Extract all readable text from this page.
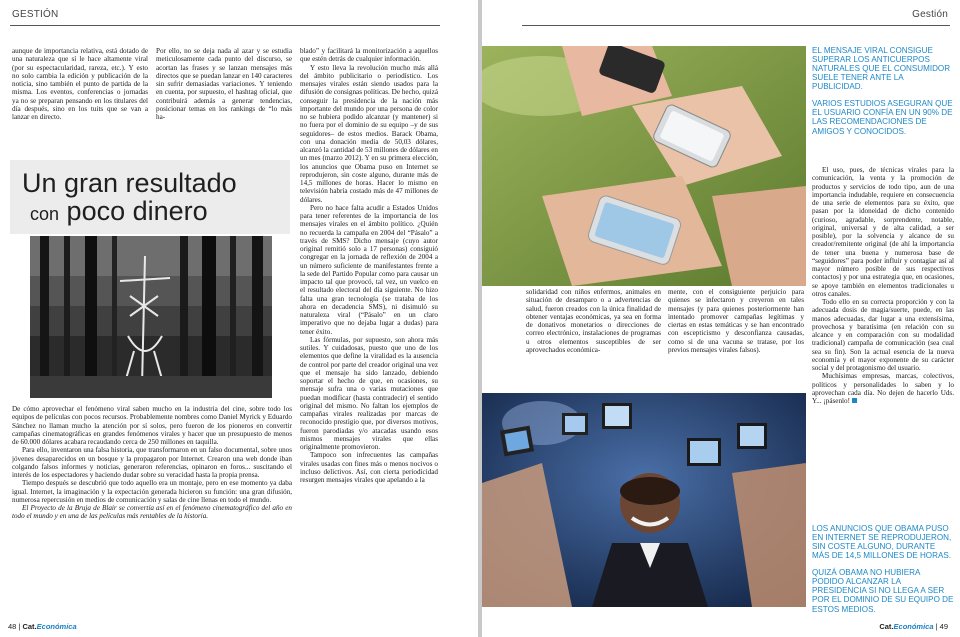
GESTIÓN

aunque de importancia relativa, está dotado de una naturaleza que sí le hace altamente viral (por su espectacularidad, rareza, etc.). Y esto no solo cambia la edición y publicación de la noticia, sino también el punto de partida de la misma. Los eventos, conferencias o jornadas ya no se preparan pensando en los titulares del día después, sino en los tuits que se van a lanzar en directo.

Por ello, no se deja nada al azar y se estudia meticulosamente cada punto del discurso, se acortan las frases y se lanzan mensajes más directos que se puedan lanzar en 140 caracteres sin sufrir demasiadas variaciones. Y teniendo en cuenta, por supuesto, el hashtag oficial, que contribuirá además a generar tendencias, posicionar temas en los rankings de “lo más ha-

blado” y facilitará la monitorización a aquellos que estén detrás de cualquier información.

Y esto lleva la revolución mucho más allá del ámbito publicitario o periodístico. Los mensajes virales están siendo usados para la difusión de consignas políticas. De hecho, quizá conseguir la presidencia de la nación más importante del mundo por una persona de color no se hubiera podido alcanzar (y mantener) si no fuera por el dominio de su equipo –y de sus seguidores– de estos medios. Barack Obama, con una donación media de 50,03 dólares, alcanzó la cantidad de 53 millones de dólares en un mes (marzo 2012). Y en su primera elección, los anuncios que Obama puso en Internet se reprodujeron, sin coste alguno, durante más de 14,5 millones de horas. Hacer lo mismo en televisión habría costado más de 47 millones de dólares.

Pero no hace falta acudir a Estados Unidos para tener referentes de la importancia de los mensajes virales en el ámbito político. ¿Quién no recuerda la campaña en 2004 del “Pásalo” a través de SMS? Dicho mensaje (cuyo autor original remitió solo a 17 personas) consiguió congregar en la jornada de reflexión de 2004 a un número suficiente de manifestantes frente a la sede del Partido Popular como para causar un impacto tal que provocó, tal vez, un vuelco en el resultado electoral del día siguiente. No hizo falta una gran tecnología (se trataba de los ahora en decadencia SMS), ni disimuló su naturaleza viral (“Pásalo” en un claro imperativo que no dejaba lugar a dudas) para tener éxito.

Las fórmulas, por supuesto, son ahora más sutiles. Y cuidadosas, puesto que uno de los elementos que define la viralidad es la ausencia de control por parte del creador original una vez que el mensaje ha sido lanzado, debiendo soportar el hecho de que, en ocasiones, su mensaje sufra una o varias mutaciones que puedan modificar (hasta contradecir) el sentido original del mismo. No faltan los ejemplos de campañas virales realizadas por marcas de reconocido prestigio que, por diversos motivos, fueron parodiadas y/o atacadas usando esos mismos mensajes virales que ellas originalmente promovieron.

Tampoco son infrecuentes las campañas virales usadas con fines más o menos nocivos o incluso delictivos. Así, con cierta periodicidad resurgen mensajes virales que apelando a la

Un gran resultado
con poco dinero

De cómo aprovechar el fenómeno viral saben mucho en la industria del cine, sobre todo los equipos de películas con pocos recursos. Probablemente nombres como Daniel Myrick y Eduardo Sánchez no llaman mucho la atención por sí solos, pero fueron de los pioneros en convertir campañas cinematográficas en grandes fenómenos virales y hacer que un presupuesto de menos de 60.000 dólares acabara recaudando cerca de 250 millones en taquilla.

Para ello, inventaron una falsa historia, que transformaron en un falso documental, sobre unos jóvenes desaparecidos en un bosque y la propagaron por Internet. Crearon una web donde iban colgando falsos informes y noticias, generaron referencias, opinaron en foros... suscitando el interés de los espectadores y haciendo dudar sobre su veracidad hasta la propia prensa.

Tiempo después se descubrió que todo aquello era un montaje, pero en ese momento ya daba igual. Internet, la imaginación y la expectación generada hicieron su función: una gran difusión, numerosa repercusión en medios de comunicación y salas de cine llenas en todo el mundo.

El Proyecto de la Bruja de Blair se convertía así en el fenómeno cinematográfico del año en todo el mundo y en una de las películas más rentables de la historia.

48 | Cat.Económica
Gestión

EL MENSAJE VIRAL CONSIGUE SUPERAR LOS ANTICUERPOS NATURALES QUE EL CONSUMIDOR SUELE TENER ANTE LA PUBLICIDAD.

VARIOS ESTUDIOS ASEGURAN QUE EL USUARIO CONFÍA EN UN 90% DE LAS RECOMENDACIONES DE AMIGOS Y CONOCIDOS.

solidaridad con niños enfermos, animales en situación de desamparo o a advertencias de salud, fueron creados con la única finalidad de obtener ventajas económicas, ya sea en forma de donativos monetarios o direcciones de correo electrónico, instalaciones de programas u otros elementos susceptibles de ser aprovechados económica-

mente, con el consiguiente perjuicio para quienes se infectaron y creyeron en tales mensajes (y para quienes posteriormente han intentado promover campañas legítimas y ciertas en estas temáticas y se han encontrado con escepticismo y desconfianza causadas, como si de una vacuna se tratase, por los previos mensajes virales falsos).

El uso, pues, de técnicas virales para la comunicación, la venta y la promoción de productos y servicios de todo tipo, aun de una importancia indudable, requiere en consecuencia de una serie de elementos para su éxito, que pasan por la idoneidad de dicho contenido (curioso, agradable, sorprendente, notable, original, universal y de alta calidad, a ser posible), por la solvencia y alcance de su creador/remitente original (de ahí la importancia de tener una buena y numerosa base de “seguidores” para poder influir y contagiar así al mayor número posible de sus respectivos contactos) y por una estrategia que, en ocasiones, se apoye también en elementos tradicionales u otros canales.

Todo ello en su correcta proporción y con la adecuada dosis de magia/suerte, puede, en las manos adecuadas, dar lugar a una extensísima, provechosa y baratísima (en relación con su alcance y en comparación con su modalidad tradicional) campaña de comunicación (sea cual sea su fin). Son la actual esencia de la nueva economía y el mayor exponente de su carácter social y del protagonismo del usuario.

Muchísimas empresas, marcas, colectivos, políticos y personalidades lo saben y lo aprovechan cada día. No dejen de hacerlo Uds. Y... ¡pásenlo!

LOS ANUNCIOS QUE OBAMA PUSO EN INTERNET SE REPRODUJERON, SIN COSTE ALGUNO, DURANTE MÁS DE 14,5 MILLONES DE HORAS.

QUIZÁ OBAMA NO HUBIERA PODIDO ALCANZAR LA PRESIDENCIA SI NO LLEGA A SER POR EL DOMINIO DE SU EQUIPO DE ESTOS MEDIOS.

Cat.Económica | 49
